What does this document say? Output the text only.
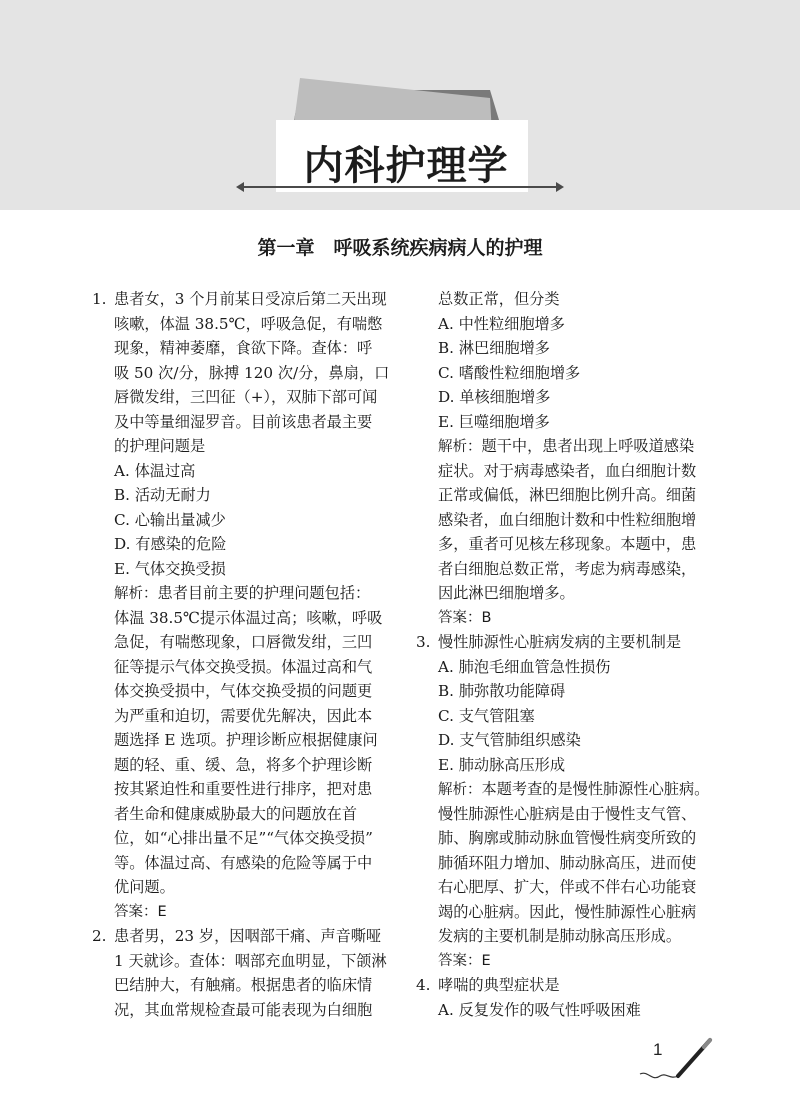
内科护理学
第一章　呼吸系统疾病病人的护理
1. 患者女，3 个月前某日受凉后第二天出现
咳嗽，体温 38.5℃，呼吸急促，有喘憋
现象，精神萎靡，食欲下降。查体：呼
吸 50 次/分，脉搏 120 次/分，鼻扇，口
唇微发绀，三凹征（+），双肺下部可闻
及中等量细湿罗音。目前该患者最主要
的护理问题是
A. 体温过高
B. 活动无耐力
C. 心输出量减少
D. 有感染的危险
E. 气体交换受损
解析：患者目前主要的护理问题包括：
体温 38.5℃提示体温过高；咳嗽，呼吸
急促，有喘憋现象，口唇微发绀，三凹
征等提示气体交换受损。体温过高和气
体交换受损中，气体交换受损的问题更
为严重和迫切，需要优先解决，因此本
题选择 E 选项。护理诊断应根据健康问
题的轻、重、缓、急，将多个护理诊断
按其紧迫性和重要性进行排序，把对患
者生命和健康威胁最大的问题放在首
位，如“心排出量不足”“气体交换受损”
等。体温过高、有感染的危险等属于中
优问题。
答案：E
2. 患者男，23 岁，因咽部干痛、声音嘶哑
1 天就诊。查体：咽部充血明显，下颌淋
巴结肿大，有触痛。根据患者的临床情
况，其血常规检查最可能表现为白细胞
总数正常，但分类
A. 中性粒细胞增多
B. 淋巴细胞增多
C. 嗜酸性粒细胞增多
D. 单核细胞增多
E. 巨噬细胞增多
解析：题干中，患者出现上呼吸道感染
症状。对于病毒感染者，血白细胞计数
正常或偏低，淋巴细胞比例升高。细菌
感染者，血白细胞计数和中性粒细胞增
多，重者可见核左移现象。本题中，患
者白细胞总数正常，考虑为病毒感染，
因此淋巴细胞增多。
答案：B
3. 慢性肺源性心脏病发病的主要机制是
A. 肺泡毛细血管急性损伤
B. 肺弥散功能障碍
C. 支气管阻塞
D. 支气管肺组织感染
E. 肺动脉高压形成
解析：本题考查的是慢性肺源性心脏病。
慢性肺源性心脏病是由于慢性支气管、
肺、胸廓或肺动脉血管慢性病变所致的
肺循环阻力增加、肺动脉高压，进而使
右心肥厚、扩大，伴或不伴右心功能衰
竭的心脏病。因此，慢性肺源性心脏病
发病的主要机制是肺动脉高压形成。
答案：E
4. 哮喘的典型症状是
A. 反复发作的吸气性呼吸困难
1
